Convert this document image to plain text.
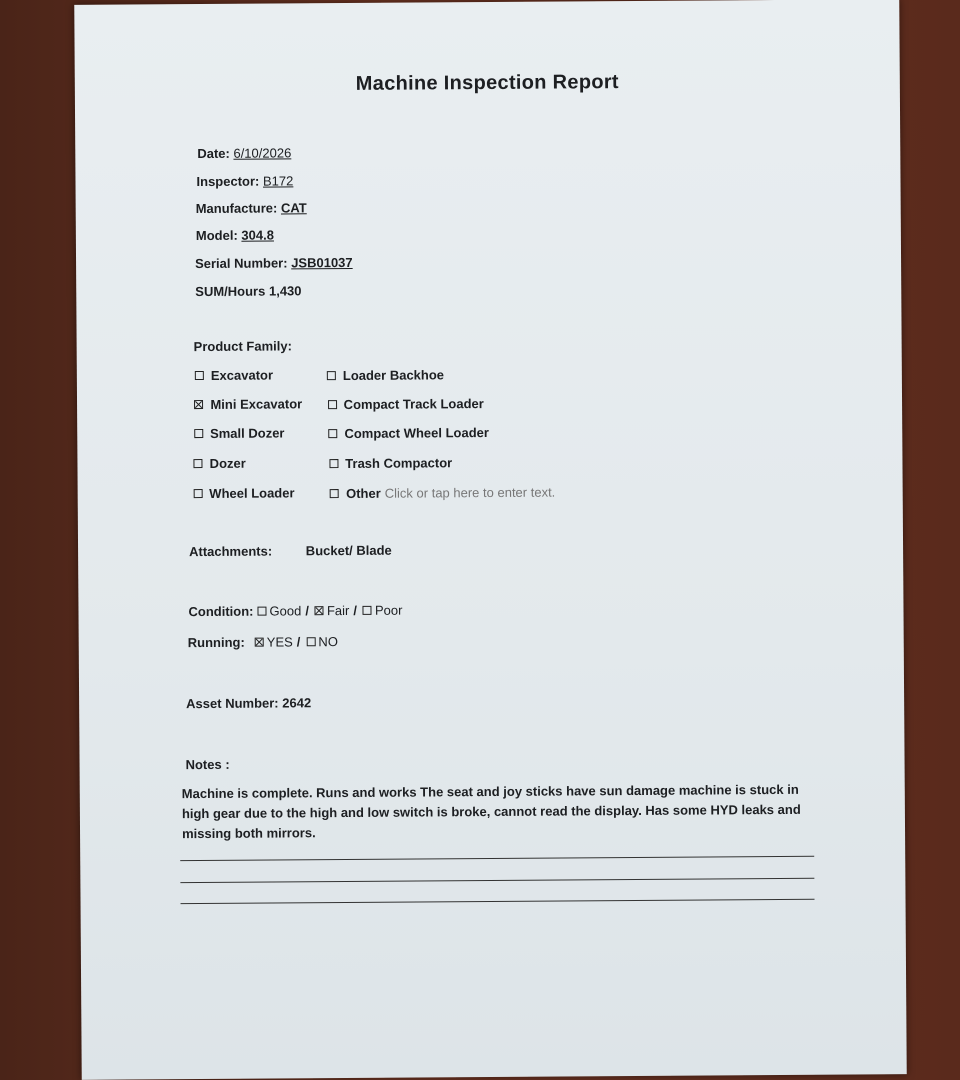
Machine Inspection Report
Date: 6/10/2026
Inspector: B172
Manufacture: CAT
Model: 304.8
Serial Number: JSB01037
SUM/Hours 1,430
Product Family:
Attachments:	Bucket/ Blade
Condition: Good / Fair / Poor
Running: YES / NO
Asset Number: 2642
Notes :
Machine is complete. Runs and works The seat and joy sticks have sun damage machine is stuck in high gear due to the high and low switch is broke, cannot read the display. Has some HYD leaks and missing both mirrors.
Excavator
Mini Excavator
Small Dozer
Dozer
Wheel Loader
Loader Backhoe
Compact Track Loader
Compact Wheel Loader
Trash Compactor
Other Click or tap here to enter text.
